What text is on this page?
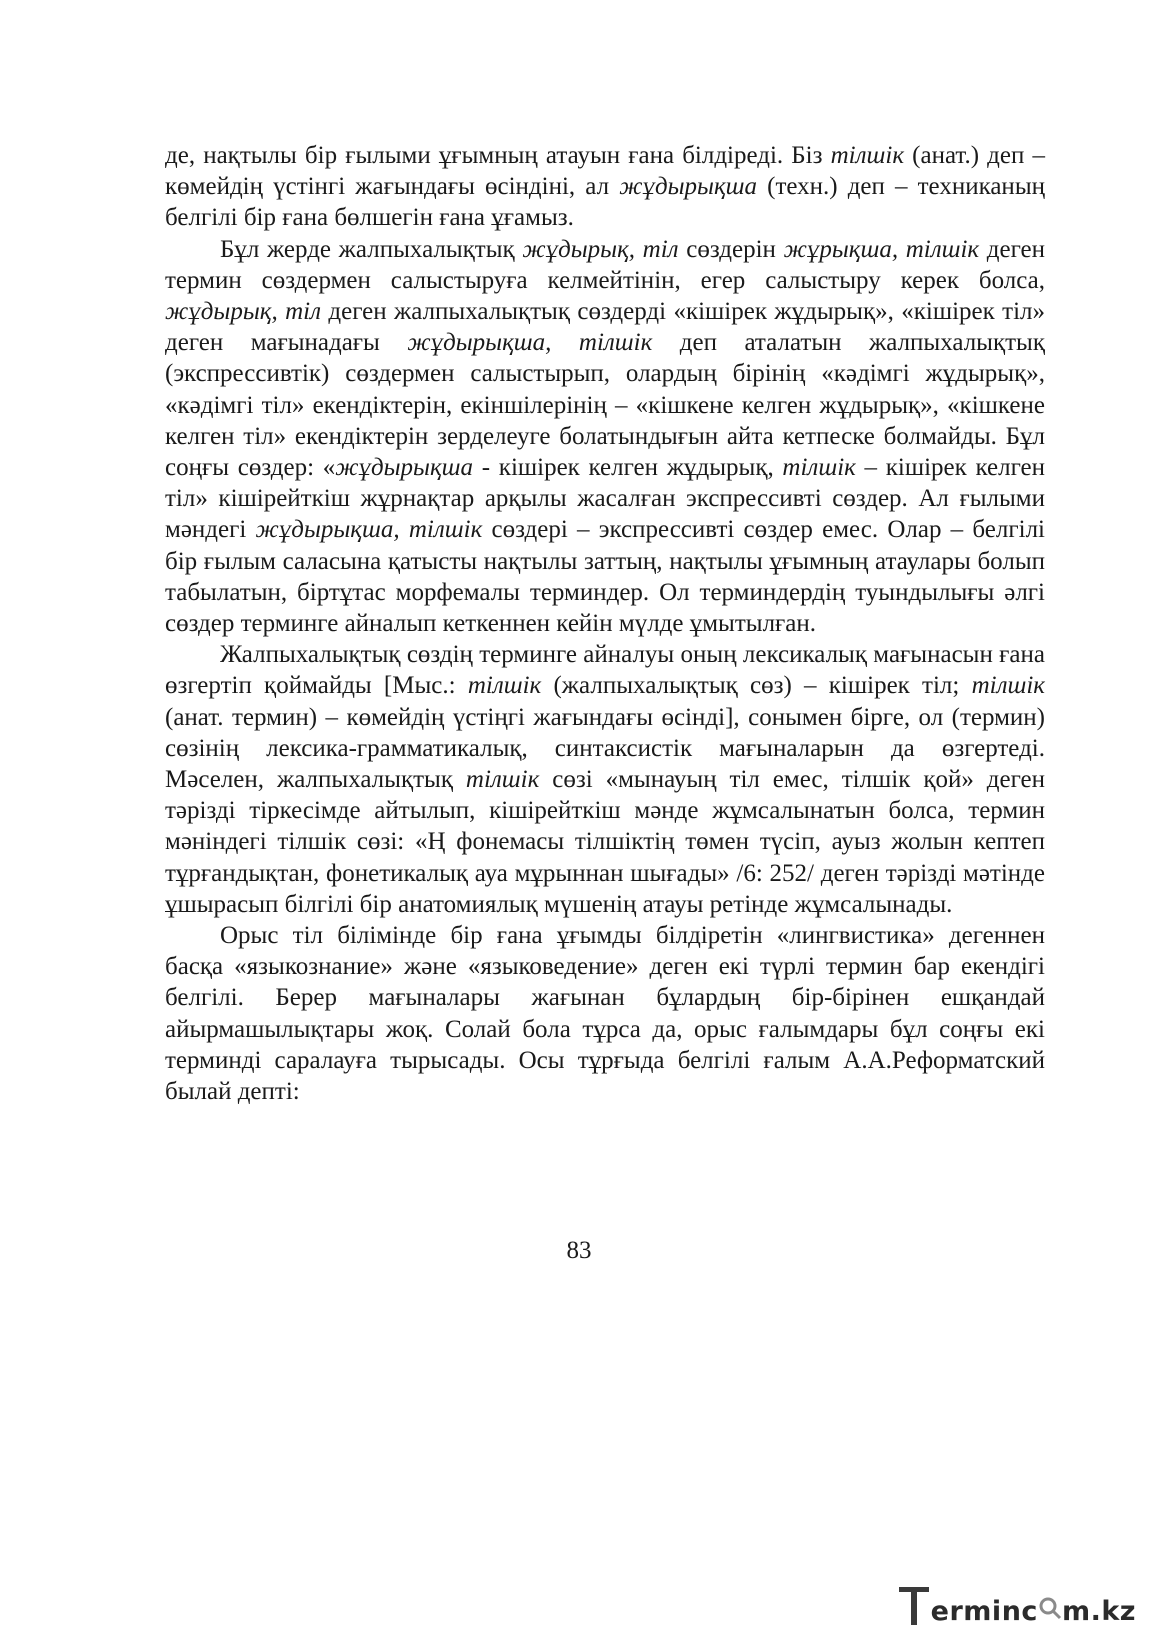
де, нақтылы бір ғылыми ұғымның атауын ғана білдіреді. Біз тілшік (анат.) деп – көмейдің үстінгі жағындағы өсіндіні, ал жұдырықша (техн.) деп – техниканың белгілі бір ғана бөлшегін ғана ұғамыз.

Бұл жерде жалпыхалықтық жұдырық, тіл сөздерін жұрықша, тілшік деген термин сөздермен салыстыруға келмейтінін, егер салыстыру керек болса, жұдырық, тіл деген жалпыхалықтық сөздерді «кішірек жұдырық», «кішірек тіл» деген мағынадағы жұдырықша, тілшік деп аталатын жалпыхалықтық (экспрессивтік) сөздермен салыстырып, олардың бірінің «кәдімгі жұдырық», «кәдімгі тіл» екендіктерін, екіншілерінің – «кішкене келген жұдырық», «кішкене келген тіл» екендіктерін зерделеуге болатындығын айта кетпеске болмайды. Бұл соңғы сөздер: «жұдырықша - кішірек келген жұдырық, тілшік – кішірек келген тіл» кішірейткіш жұрнақтар арқылы жасалған экспрессивті сөздер. Ал ғылыми мәндегі жұдырықша, тілшік сөздері – экспрессивті сөздер емес. Олар – белгілі бір ғылым саласына қатысты нақтылы заттың, нақтылы ұғымның атаулары болып табылатын, біртұтас морфемалы терминдер. Ол терминдердің туындылығы әлгі сөздер терминге айналып кеткеннен кейін мүлде ұмытылған.

Жалпыхалықтық сөздің терминге айналуы оның лексикалық мағынасын ғана өзгертіп қоймайды [Мыс.: тілшік (жалпыхалықтық сөз) – кішірек тіл; тілшік (анат. термин) – көмейдің үстіңгі жағындағы өсінді], сонымен бірге, ол (термин) сөзінің лексика-грамматикалық, синтаксистік мағыналарын да өзгертеді. Мәселен, жалпыхалықтық тілшік сөзі «мынауың тіл емес, тілшік қой» деген тәрізді тіркесімде айтылып, кішірейткіш мәнде жұмсалынатын болса, термин мәніндегі тілшік сөзі: «Ң фонемасы тілшіктің төмен түсіп, ауыз жолын кептеп тұрғандықтан, фонетикалық ауа мұрыннан шығады» /6: 252/ деген тәрізді мәтінде ұшырасып білгілі бір анатомиялық мүшенің атауы ретінде жұмсалынады.

Орыс тіл білімінде бір ғана ұғымды білдіретін «лингвистика» дегеннен басқа «языкознание» және «языковедение» деген екі түрлі термин бар екендігі белгілі. Берер мағыналары жағынан бұлардың бір-бірінен ешқандай айырмашылықтары жоқ. Солай бола тұрса да, орыс ғалымдары бұл соңғы екі терминді саралауға тырысады. Осы тұрғыда белгілі ғалым А.А.Реформатский былай депті:

83
ermin c m.kz
